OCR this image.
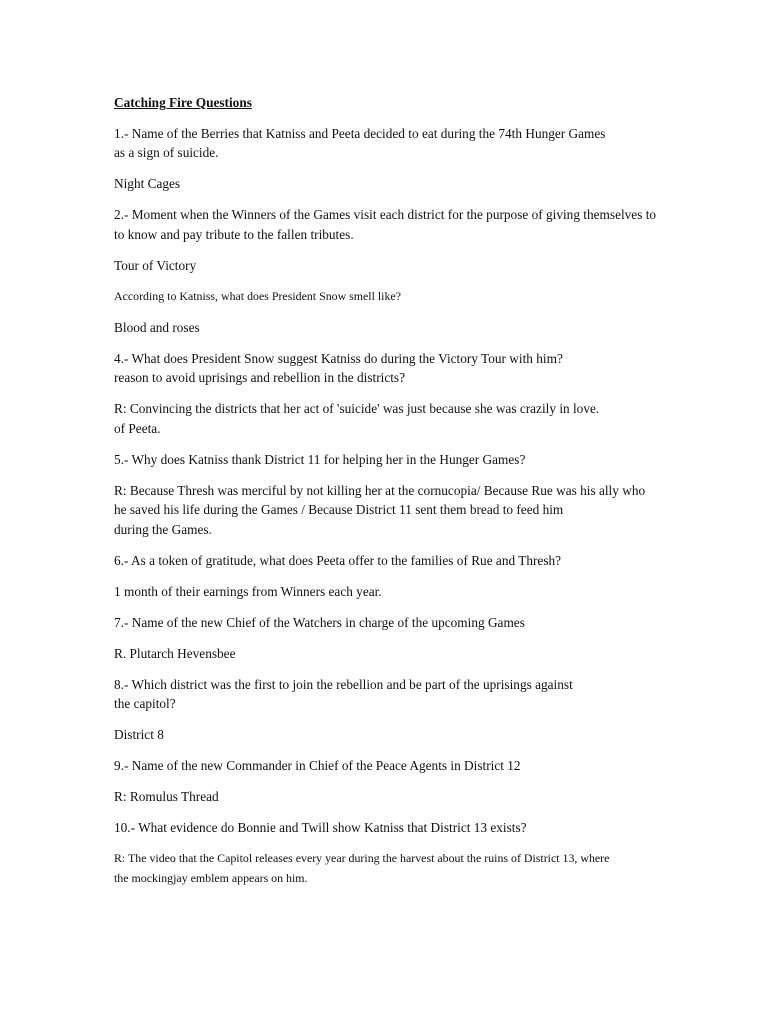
Catching Fire Questions

1.- Name of the Berries that Katniss and Peeta decided to eat during the 74th Hunger Games
as a sign of suicide.

Night Cages

2.- Moment when the Winners of the Games visit each district for the purpose of giving themselves to
to know and pay tribute to the fallen tributes.

Tour of Victory

According to Katniss, what does President Snow smell like?

Blood and roses

4.- What does President Snow suggest Katniss do during the Victory Tour with him?
reason to avoid uprisings and rebellion in the districts?

R: Convincing the districts that her act of 'suicide' was just because she was crazily in love.
of Peeta.

5.- Why does Katniss thank District 11 for helping her in the Hunger Games?

R: Because Thresh was merciful by not killing her at the cornucopia/ Because Rue was his ally who
he saved his life during the Games / Because District 11 sent them bread to feed him
during the Games.

6.- As a token of gratitude, what does Peeta offer to the families of Rue and Thresh?

1 month of their earnings from Winners each year.

7.- Name of the new Chief of the Watchers in charge of the upcoming Games

R. Plutarch Hevensbee

8.- Which district was the first to join the rebellion and be part of the uprisings against
the capitol?

District 8

9.- Name of the new Commander in Chief of the Peace Agents in District 12

R: Romulus Thread

10.- What evidence do Bonnie and Twill show Katniss that District 13 exists?

R: The video that the Capitol releases every year during the harvest about the ruins of District 13, where
the mockingjay emblem appears on him.
